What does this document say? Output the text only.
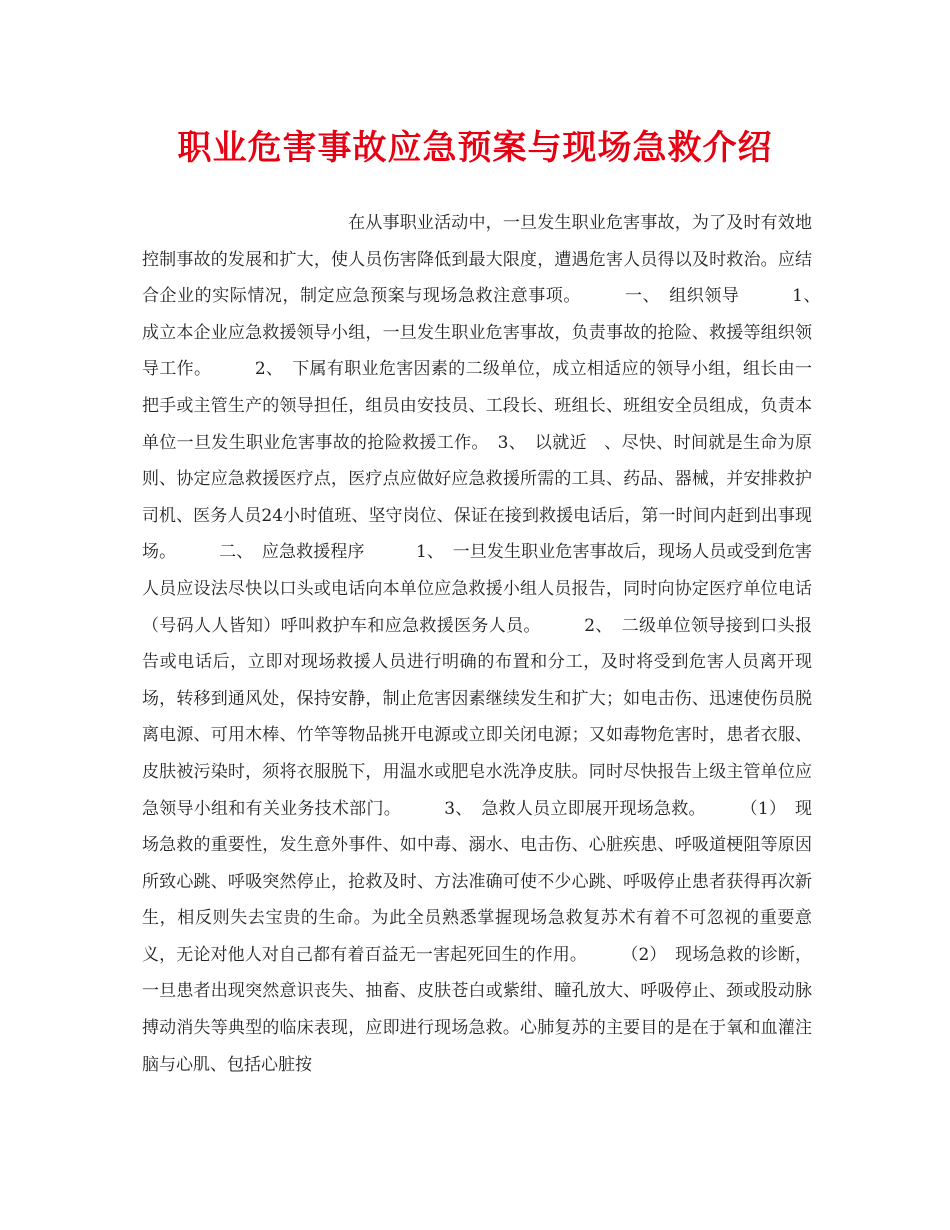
职业危害事故应急预案与现场急救介绍

在从事职业活动中，一旦发生职业危害事故，为了及时有效地控制事故的发展和扩大，使人员伤害降低到最大限度，遭遇危害人员得以及时救治。应结合企业的实际情况，制定应急预案与现场急救注意事项。　　　一、　组织领导　　　1、　成立本企业应急救援领导小组，一旦发生职业危害事故，负责事故的抢险、救援等组织领导工作。　　　2、　下属有职业危害因素的二级单位，成立相适应的领导小组，组长由一把手或主管生产的领导担任，组员由安技员、工段长、班组长、班组安全员组成，负责本单位一旦发生职业危害事故的抢险救援工作。　3、　以就近　、尽快、时间就是生命为原则、协定应急救援医疗点，医疗点应做好应急救援所需的工具、药品、器械，并安排救护司机、医务人员24小时值班、坚守岗位、保证在接到救援电话后，第一时间内赶到出事现场。　　　二、　应急救援程序　　　1、　一旦发生职业危害事故后，现场人员或受到危害人员应设法尽快以口头或电话向本单位应急救援小组人员报告，同时向协定医疗单位电话（号码人人皆知）呼叫救护车和应急救援医务人员。　　　2、　二级单位领导接到口头报告或电话后，立即对现场救援人员进行明确的布置和分工，及时将受到危害人员离开现场，转移到通风处，保持安静，制止危害因素继续发生和扩大；如电击伤、迅速使伤员脱离电源、可用木棒、竹竿等物品挑开电源或立即关闭电源；又如毒物危害时，患者衣服、皮肤被污染时，须将衣服脱下，用温水或肥皂水洗净皮肤。同时尽快报告上级主管单位应急领导小组和有关业务技术部门。　　　3、　急救人员立即展开现场急救。　　　（1）　现场急救的重要性，发生意外事件、如中毒、溺水、电击伤、心脏疾患、呼吸道梗阻等原因所致心跳、呼吸突然停止，抢救及时、方法准确可使不少心跳、呼吸停止患者获得再次新生，相反则失去宝贵的生命。为此全员熟悉掌握现场急救复苏术有着不可忽视的重要意义，无论对他人对自己都有着百益无一害起死回生的作用。　　　（2）　现场急救的诊断，一旦患者出现突然意识丧失、抽畜、皮肤苍白或紫绀、瞳孔放大、呼吸停止、颈或股动脉搏动消失等典型的临床表现，应即进行现场急救。心肺复苏的主要目的是在于氧和血灌注脑与心肌、包括心脏按
